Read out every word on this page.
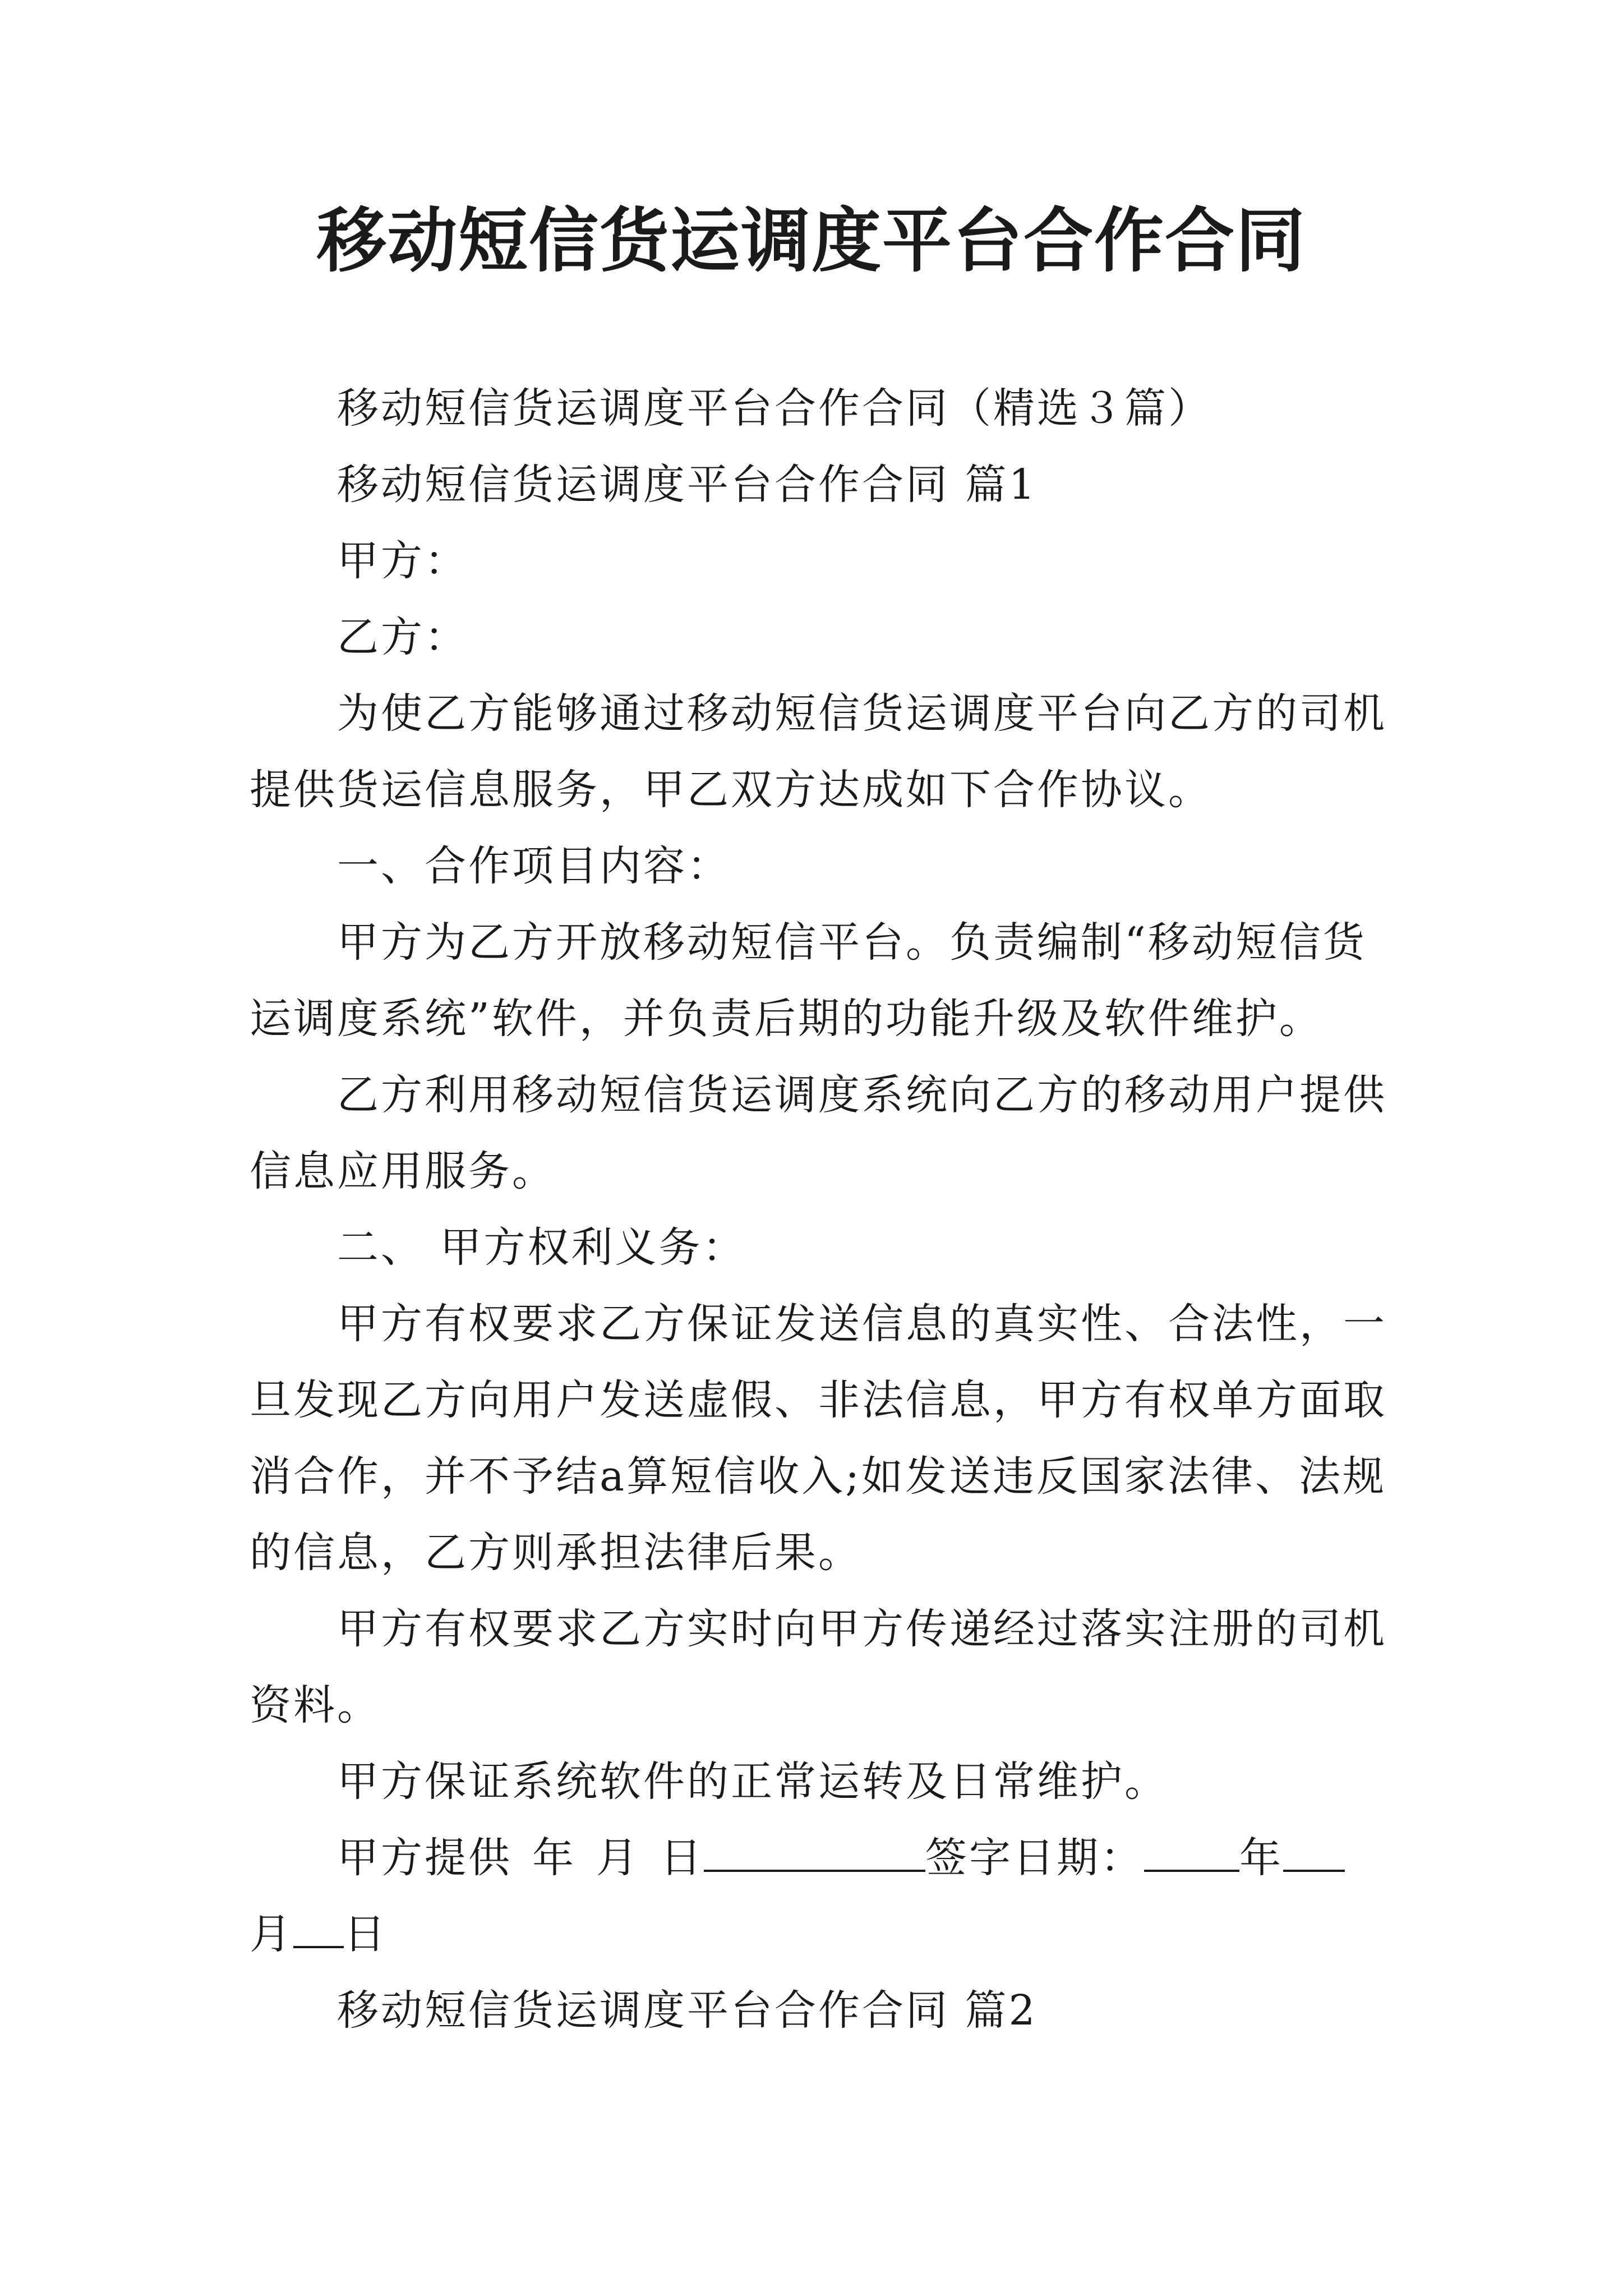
移动短信货运调度平台合作合同

移动短信货运调度平台合作合同（精选３篇）

移动短信货运调度平台合作合同 篇1

甲方：

乙方：

为使乙方能够通过移动短信货运调度平台向乙方的司机提供货运信息服务，甲乙双方达成如下合作协议。

一、合作项目内容：

甲方为乙方开放移动短信平台。负责编制“移动短信货运调度系统”软件，并负责后期的功能升级及软件维护。

乙方利用移动短信货运调度系统向乙方的移动用户提供信息应用服务。

二、 甲方权利义务：

甲方有权要求乙方保证发送信息的真实性、合法性，一旦发现乙方向用户发送虚假、非法信息，甲方有权单方面取消合作，并不予结a算短信收入;如发送违反国家法律、法规的信息，乙方则承担法律后果。

甲方有权要求乙方实时向甲方传递经过落实注册的司机资料。

甲方保证系统软件的正常运转及日常维护。

甲方提供 年 月 日	签字日期： 年月 日

移动短信货运调度平台合作合同 篇2
